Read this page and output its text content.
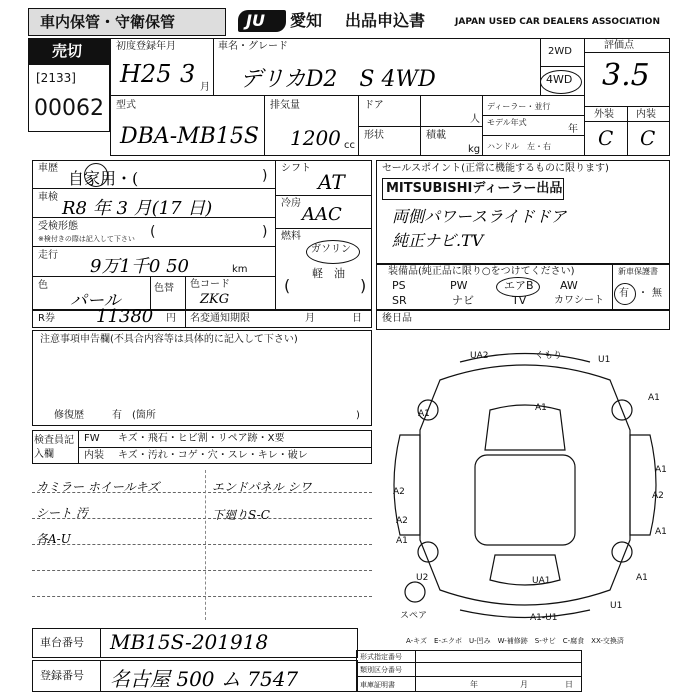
車内保管・守衛保管	JU 愛知 出品申込書	JAPAN USED CAR DEALERS ASSOCIATION
売切
[2133]
00062
初度登録年月
H25 3 月
車名・グレード
デリカD2　S 4WD
2WD
4WD
評価点
3.5
型式
DBA-MB15S
排気量
1200 cc
ドア
人
形状	積載
kg
ディーラー・並行
モデル年式
年
ハンドル　左・右
外装 内装
C C
車歴
自家用・(	)
車検
R8 年 3 月(17 日)
受検形態
※検付きの際は記入して下さい (	)
走行
9万1千0 50	km
色
パール
色替 色コード
ZKG
シフト
AT
冷房
AAC
燃料
ガソリン
軽　油
(	)
セールスポイント(正常に機能するものに限ります)
MITSUBISHIディーラー出品
両側パワースライドドア
純正ナビ.TV
装備品(純正品に限り○をつけてください)	新車保護書
有 ・ 無
PS	PW	エアB AW
SR	ナビ	TV	カワシート
R券 11380 円 名変通知期限	月	日 後日品
注意事項申告欄(不具合内容等は具体的に記入して下さい)
修復歴	有 (箇所	)
検査員記入欄
FW キズ・飛石・ヒビ割・リペア跡・X要
内装 キズ・汚れ・コゲ・穴・スレ・キレ・破レ
カミラー ホイールキズ
シート 汚
各A-U
エンドパネル シワ
下廻りS-C
UA2	くもり	U1
A1
A1
A1
A1
A2
A2
A2
A1
A1
U2	UA1	A1
A1-U1
U1
スペア
A-キズ　E-エクボ　U-凹み　W-補修跡　S-サビ　C-腐食　XX-交換済
車台番号 MB15S-201918
登録番号 名古屋 500 ム 7547
形式指定番号
類別区分番号
車庫証明書	年	月	日
